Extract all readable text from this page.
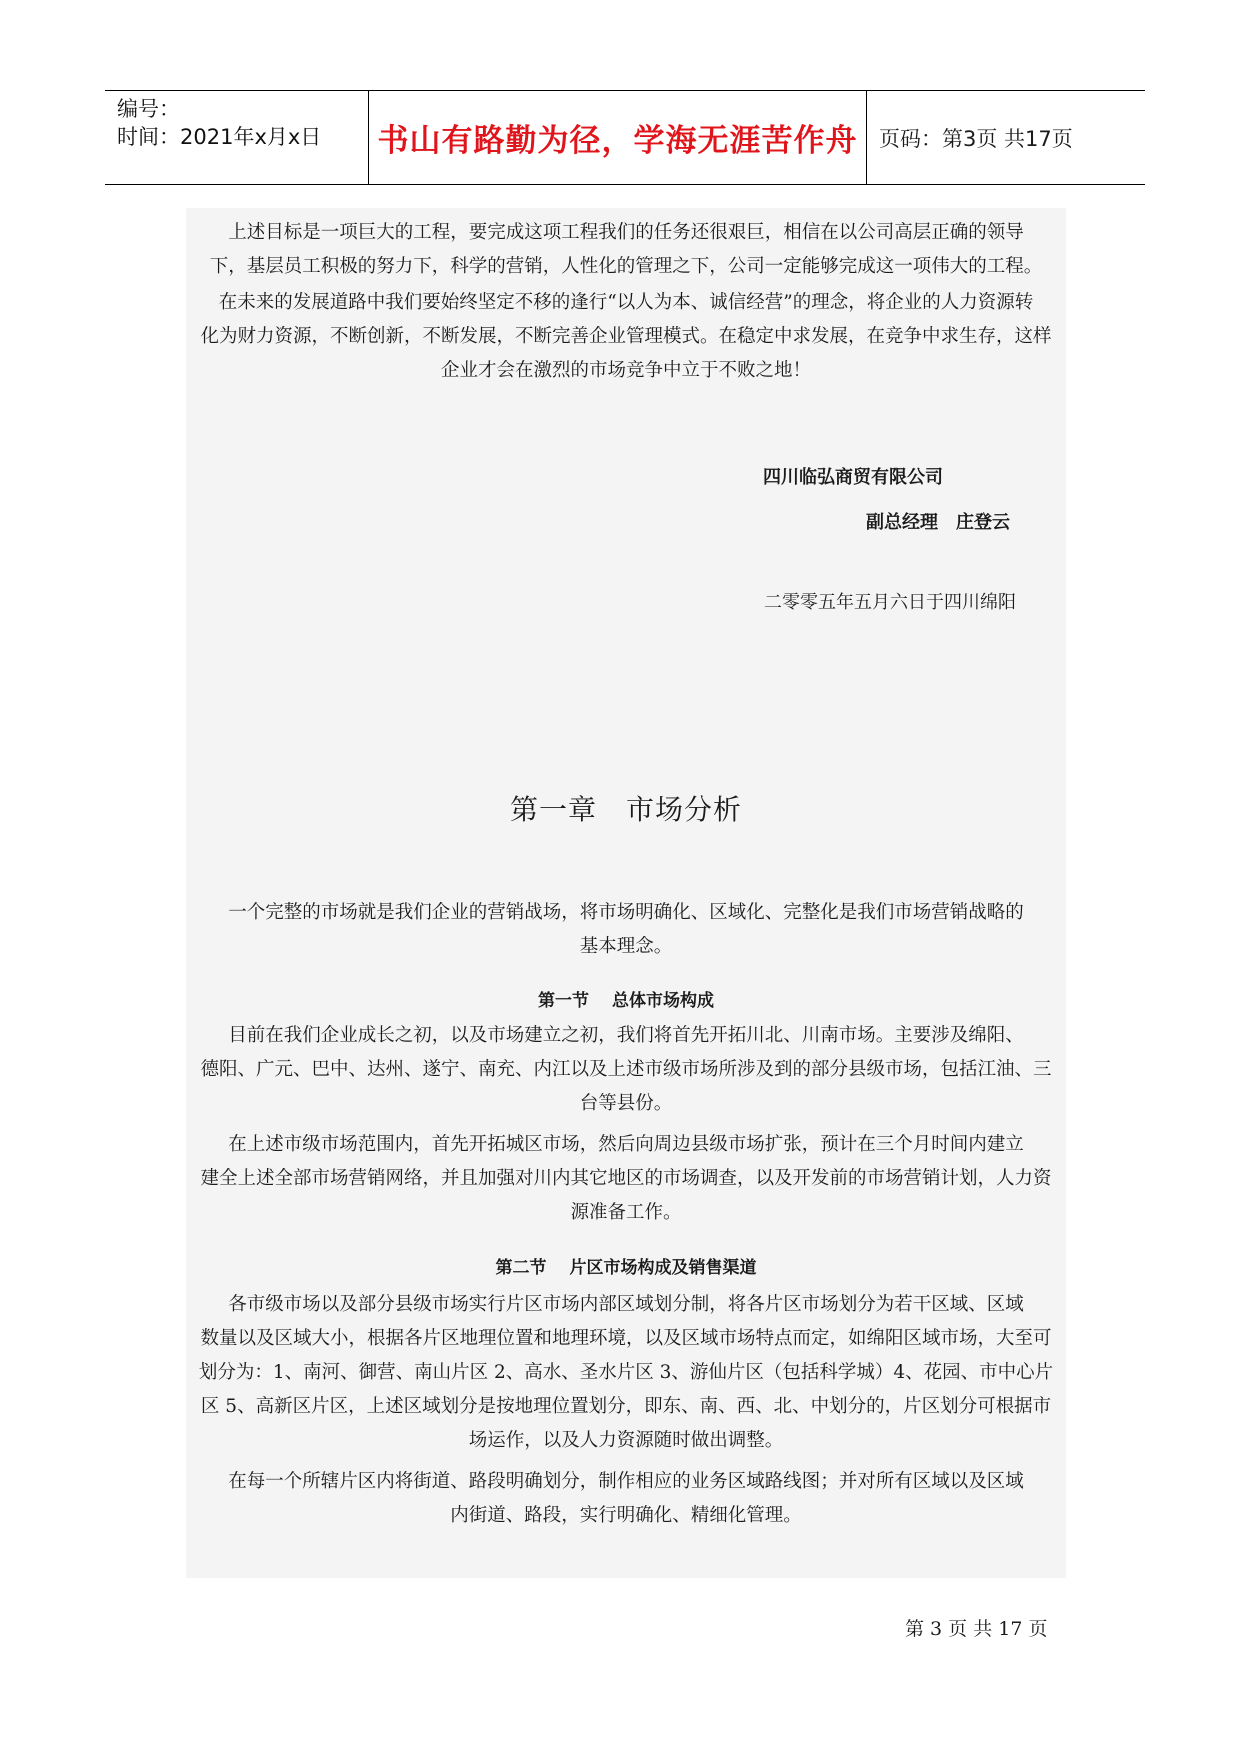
编号：
时间：2021年x月x日 书山有路勤为径，学海无涯苦作舟 页码：第3页 共17页
上述目标是一项巨大的工程，要完成这项工程我们的任务还很艰巨，相信在以公司高层正确的领导
下，基层员工积极的努力下，科学的营销，人性化的管理之下，公司一定能够完成这一项伟大的工程。
在未来的发展道路中我们要始终坚定不移的逢行“以人为本、诚信经营”的理念，将企业的人力资源转
化为财力资源，不断创新，不断发展，不断完善企业管理模式。在稳定中求发展，在竞争中求生存，这样
企业才会在激烈的市场竞争中立于不败之地！
四川临弘商贸有限公司
副总经理　庄登云
二零零五年五月六日于四川绵阳
第一章　市场分析
一个完整的市场就是我们企业的营销战场，将市场明确化、区域化、完整化是我们市场营销战略的
基本理念。
第一节　 总体市场构成
目前在我们企业成长之初，以及市场建立之初，我们将首先开拓川北、川南市场。主要涉及绵阳、
德阳、广元、巴中、达州、遂宁、南充、内江以及上述市级市场所涉及到的部分县级市场，包括江油、三
台等县份。
在上述市级市场范围内，首先开拓城区市场，然后向周边县级市场扩张，预计在三个月时间内建立
建全上述全部市场营销网络，并且加强对川内其它地区的市场调查，以及开发前的市场营销计划，人力资
源准备工作。
第二节　 片区市场构成及销售渠道
各市级市场以及部分县级市场实行片区市场内部区域划分制，将各片区市场划分为若干区域、区域
数量以及区域大小，根据各片区地理位置和地理环境，以及区域市场特点而定，如绵阳区域市场，大至可
划分为：1、南河、御营、南山片区 2、高水、圣水片区 3、游仙片区（包括科学城）4、花园、市中心片
区 5、高新区片区，上述区域划分是按地理位置划分，即东、南、西、北、中划分的，片区划分可根据市
场运作，以及人力资源随时做出调整。
在每一个所辖片区内将街道、路段明确划分，制作相应的业务区域路线图；并对所有区域以及区域
内街道、路段，实行明确化、精细化管理。
第 3 页 共 17 页
